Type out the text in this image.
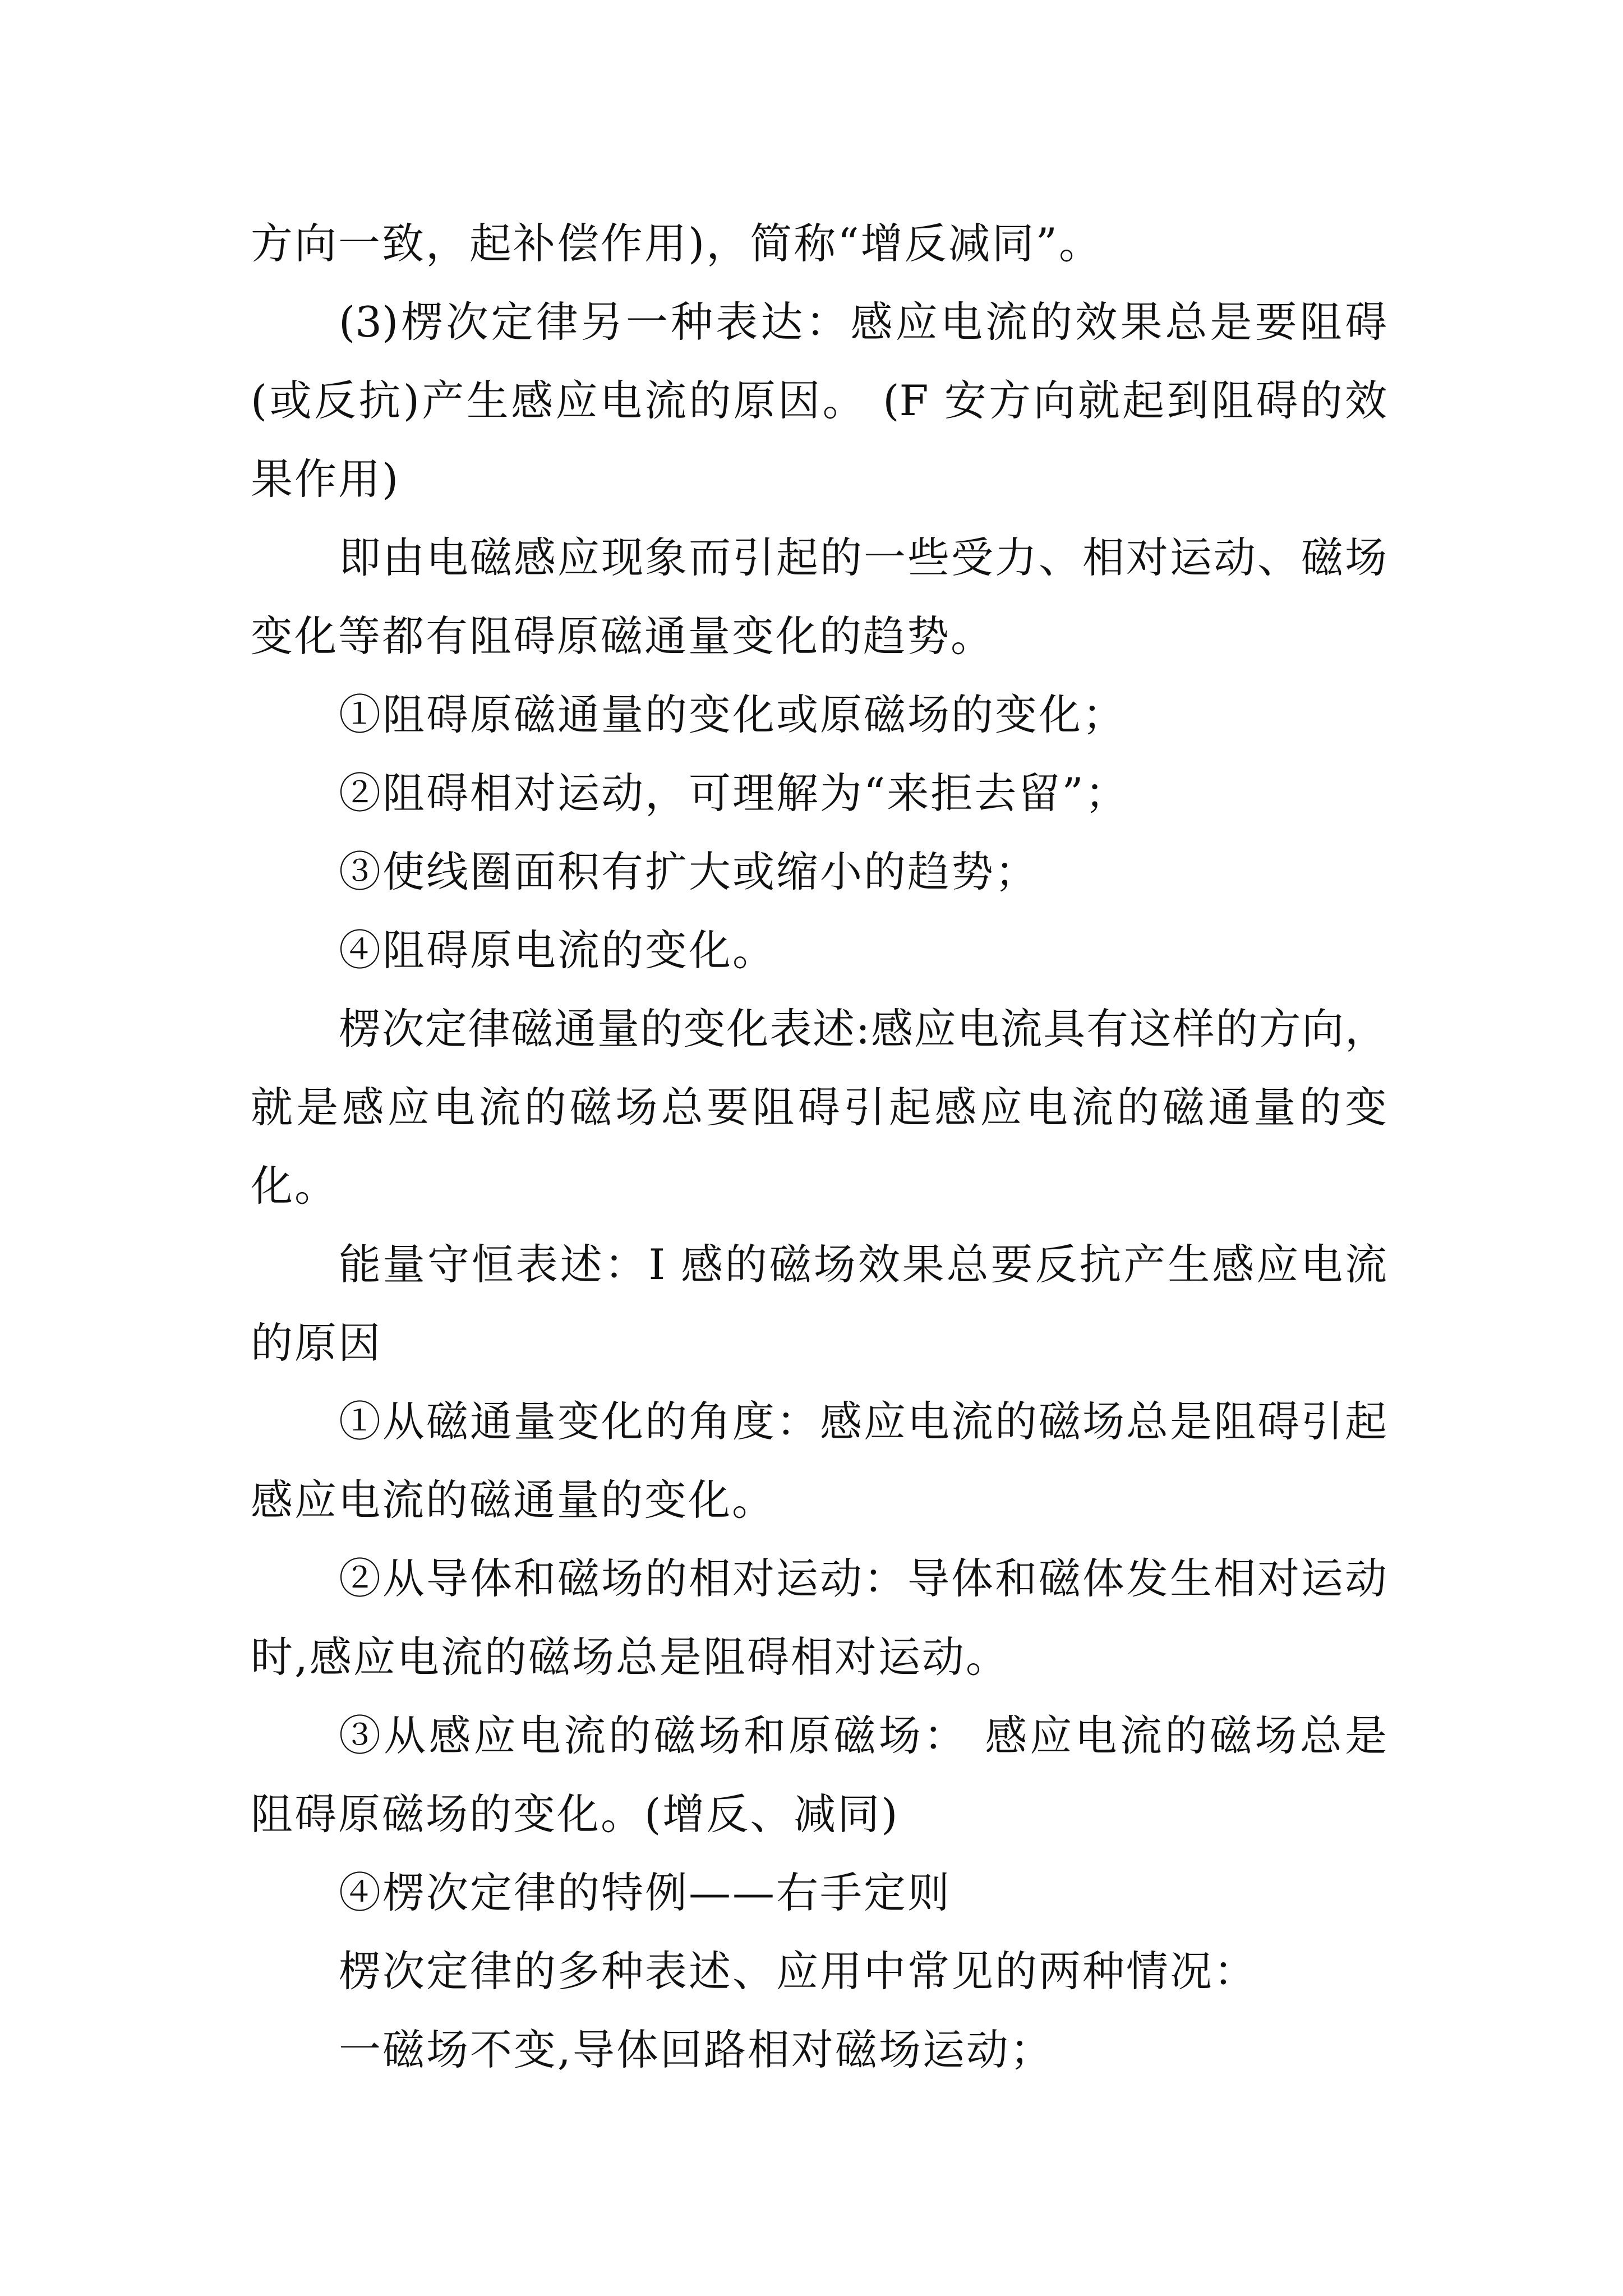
方向一致，起补偿作用)，简称“增反减同”。
(3)楞次定律另一种表达：感应电流的效果总是要阻碍
(或反抗)产生感应电流的原因。 (F 安方向就起到阻碍的效
果作用)
即由电磁感应现象而引起的一些受力、相对运动、磁场
变化等都有阻碍原磁通量变化的趋势。
①阻碍原磁通量的变化或原磁场的变化；
②阻碍相对运动，可理解为“来拒去留”；
③使线圈面积有扩大或缩小的趋势；
④阻碍原电流的变化。
楞次定律磁通量的变化表述:感应电流具有这样的方向，
就是感应电流的磁场总要阻碍引起感应电流的磁通量的变
化。
能量守恒表述：I 感的磁场效果总要反抗产生感应电流
的原因
①从磁通量变化的角度：感应电流的磁场总是阻碍引起
感应电流的磁通量的变化。
②从导体和磁场的相对运动：导体和磁体发生相对运动
时,感应电流的磁场总是阻碍相对运动。
③从感应电流的磁场和原磁场： 感应电流的磁场总是
阻碍原磁场的变化。(增反、减同)
④楞次定律的特例——右手定则
楞次定律的多种表述、应用中常见的两种情况：
一磁场不变,导体回路相对磁场运动；
